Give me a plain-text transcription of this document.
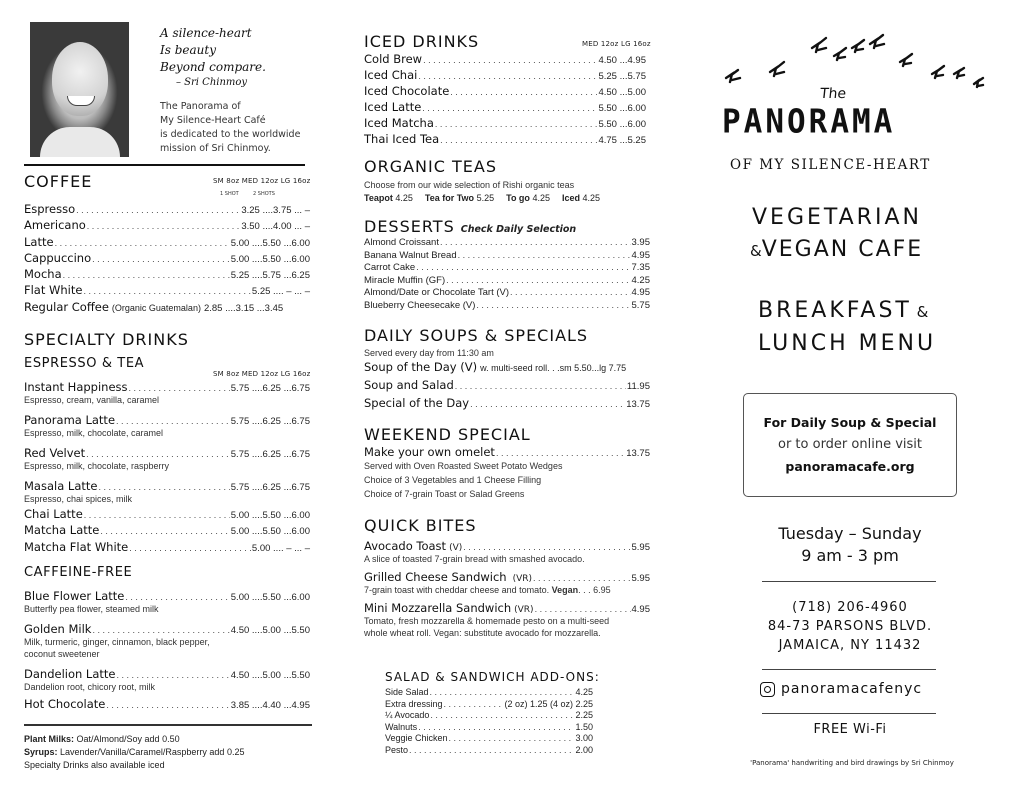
A silence-heart
Is beauty
Beyond compare.
– Sri Chinmoy
The Panorama of
My Silence-Heart Café
is dedicated to the worldwide
mission of Sri Chinmoy.
COFFEE	SM 8oz MED 12oz LG 16oz
1 SHOT	2 SHOTS
Espresso . . .	3.25 ....3.75 ... –
Americano . . .	3.50 ....4.00 ... –
Latte . . .	5.00 ....5.50 ...6.00
Cappuccino . . .	5.00 ....5.50 ...6.00
Mocha . . .	5.25 ....5.75 ...6.25
Flat White . . .	5.25 .... – ... –
Regular Coffee (Organic Guatemalan) 2.85 ....3.15 ...3.45
SPECIALTY DRINKS
ESPRESSO & TEA
SM 8oz MED 12oz LG 16oz
Instant Happiness . . .	5.75 ....6.25 ...6.75
Espresso, cream, vanilla, caramel
Panorama Latte . . .	5.75 ....6.25 ...6.75
Espresso, milk, chocolate, caramel
Red Velvet . . .	5.75 ....6.25 ...6.75
Espresso, milk, chocolate, raspberry
Masala Latte . . .	5.75 ....6.25 ...6.75
Espresso, chai spices, milk
Chai Latte . . .	5.00 ....5.50 ...6.00
Matcha Latte . . .	5.00 ....5.50 ...6.00
Matcha Flat White . . .	5.00 .... – ... –
CAFFEINE-FREE
Blue Flower Latte . . .	5.00 ....5.50 ...6.00
Butterfly pea flower, steamed milk
Golden Milk . . .	4.50 ....5.00 ...5.50
Milk, turmeric, ginger, cinnamon, black pepper,
coconut sweetener
Dandelion Latte . . .	4.50 ....5.00 ...5.50
Dandelion root, chicory root, milk
Hot Chocolate . . .	3.85 ....4.40 ...4.95
Plant Milks: Oat/Almond/Soy add 0.50
Syrups: Lavender/Vanilla/Caramel/Raspberry add 0.25
Specialty Drinks also available iced
ICED DRINKS	MED 12oz LG 16oz
Cold Brew . . .	4.50 ...4.95
Iced Chai . . .	5.25 ...5.75
Iced Chocolate . . .	4.50 ...5.00
Iced Latte . . .	5.50 ...6.00
Iced Matcha . . .	5.50 ...6.00
Thai Iced Tea . . .	4.75 ...5.25
ORGANIC TEAS
Choose from our wide selection of Rishi organic teas
Teapot 4.25 Tea for Two 5.25 To go 4.25 Iced 4.25
DESSERTS Check Daily Selection
Almond Croissant . . .	3.95
Banana Walnut Bread . . .	4.95
Carrot Cake . . .	7.35
Miracle Muffin (GF) . . .	4.25
Almond/Date or Chocolate Tart (V) . . .	4.95
Blueberry Cheesecake (V) . . .	5.75
DAILY SOUPS & SPECIALS
Served every day from 11:30 am
Soup of the Day (V) w. multi-seed roll. . .sm 5.50...lg 7.75
Soup and Salad . . .	11.95
Special of the Day . . .	13.75
WEEKEND SPECIAL
Make your own omelet . . .	13.75
Served with Oven Roasted Sweet Potato Wedges
Choice of 3 Vegetables and 1 Cheese Filling
Choice of 7-grain Toast or Salad Greens
QUICK BITES
Avocado Toast (V) . . .	5.95
A slice of toasted 7-grain bread with smashed avocado.
Grilled Cheese Sandwich (VR) . . .	5.95
7-grain toast with cheddar cheese and tomato. Vegan. . . 6.95
Mini Mozzarella Sandwich (VR) . . .	4.95
Tomato, fresh mozzarella & homemade pesto on a multi-seed
whole wheat roll. Vegan: substitute avocado for mozzarella.
SALAD & SANDWICH ADD-ONS:
Side Salad . . .	4.25
Extra dressing . . .	(2 oz) 1.25 (4 oz) 2.25
¼ Avocado . . .	2.25
Walnuts . . .	1.50
Veggie Chicken . . .	3.00
Pesto . . .	2.00
The
PANORAMA
OF MY SILENCE-HEART
VEGETARIAN
&VEGAN CAFE
BREAKFAST &
LUNCH MENU
For Daily Soup & Special
or to order online visit
panoramacafe.org
Tuesday – Sunday
9 am - 3 pm
(718) 206-4960
84-73 PARSONS BLVD.
JAMAICA, NY 11432
panoramacafenyc
FREE Wi-Fi
'Panorama' handwriting and bird drawings by Sri Chinmoy
